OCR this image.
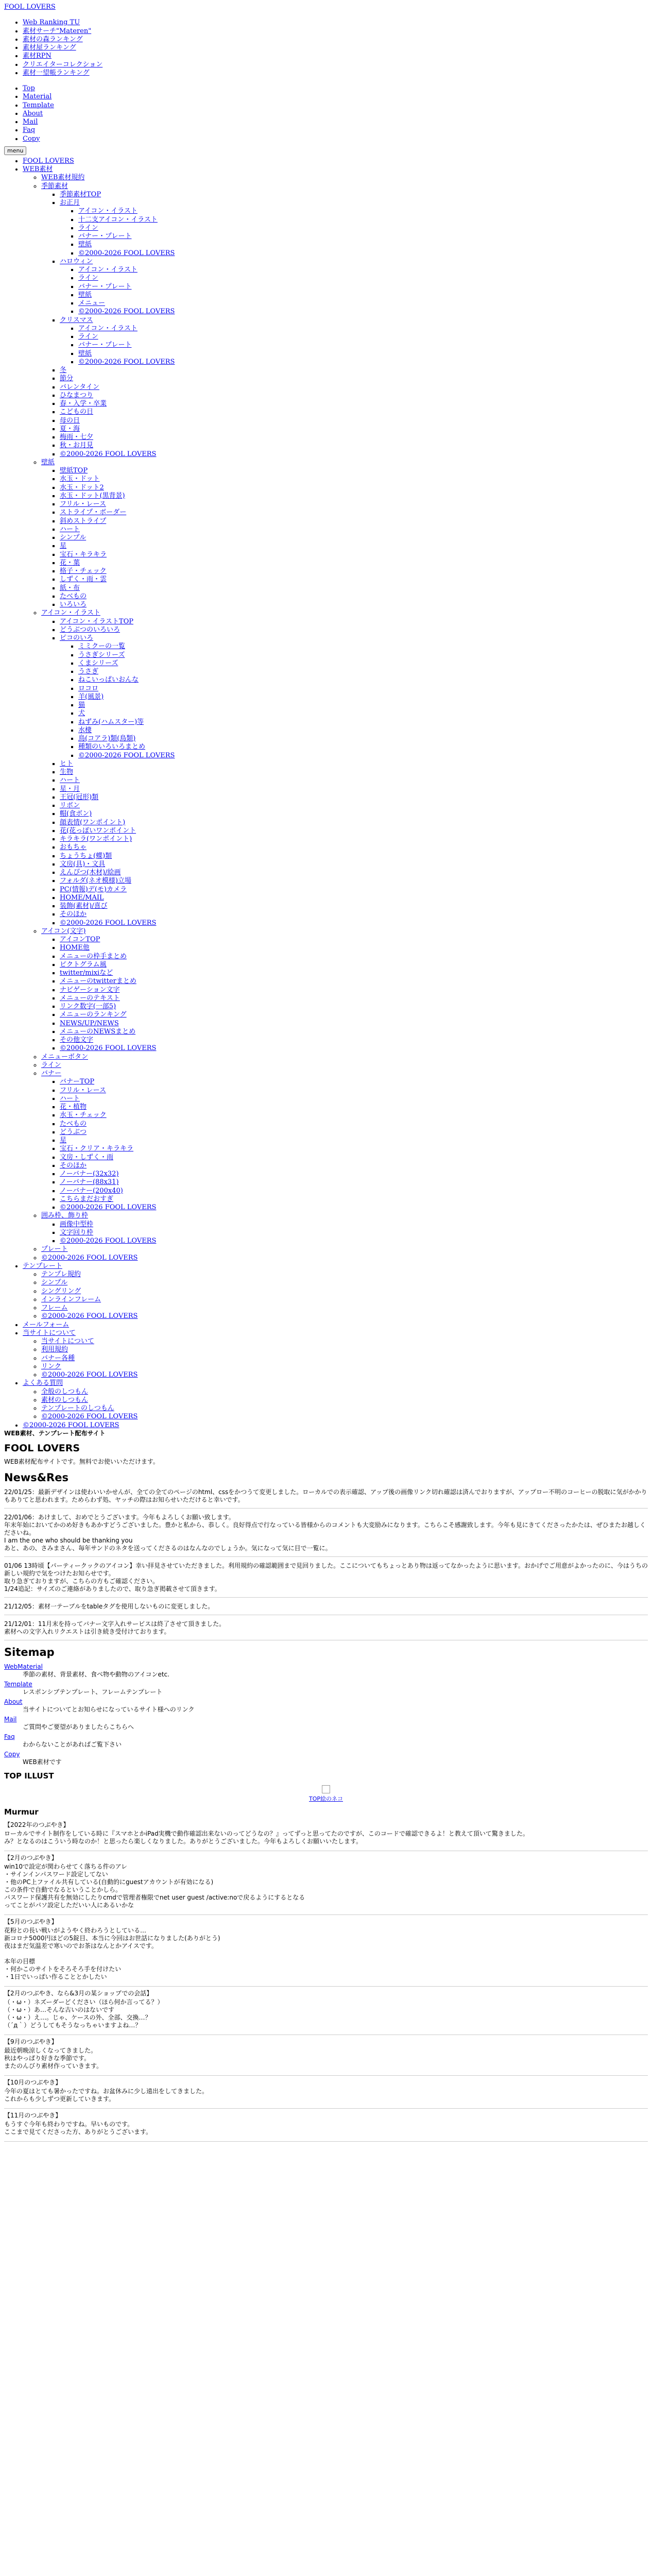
FOOL LOVERS
• Web Ranking TU
• 素材サーチ"Materen"
• 素材の森ランキング
• 素材屋ランキング
• 素材RPN
• クリエイターコレクション
• 素材一望帳ランキング
• Top
• Material
• Template
• About
• Mail
• Faq
• Copy
menu
• FOOL LOVERS
• WEB素材
◦ WEB素材規約
◦ 季節素材
▪ 季節素材TOP
▪ お正月
▪ アイコン・イラスト
▪ 十二支アイコン・イラスト
▪ ライン
▪ バナー・プレート
▪ 壁紙
▪ ©2000-2026 FOOL LOVERS
▪ ハロウィン
▪ アイコン・イラスト
▪ ライン
▪ バナー・プレート
▪ 壁紙
▪ メニュー
▪ ©2000-2026 FOOL LOVERS
▪ クリスマス
▪ アイコン・イラスト
▪ ライン
▪ バナー・プレート
▪ 壁紙
▪ ©2000-2026 FOOL LOVERS
▪ 冬
▪ 節分
▪ バレンタイン
▪ ひなまつり
▪ 春・入学・卒業
▪ こどもの日
▪ 母の日
▪ 夏・海
▪ 梅雨・七夕
▪ 秋・お月見
▪ ©2000-2026 FOOL LOVERS
◦ 壁紙
▪ 壁紙TOP
▪ 水玉・ドット
▪ 水玉・ドット2
▪ 水玉・ドット(黒背景)
▪ フリル・レース
▪ ストライプ・ボーダー
▪ 斜めストライプ
▪ ハート
▪ シンプル
▪ 星
▪ 宝石・キラキラ
▪ 花・葉
▪ 格子・チェック
▪ しずく・雨・雲
▪ 紙・布
▪ たべもの
▪ いろいろ
◦ アイコン・イラスト
▪ アイコン・イラストTOP
▪ どうぶつのいろいろ
▪ ピコのいろ
▪ ミミクーの一覧
▪ うさぎシリーズ
▪ くまシリーズ
▪ うさぎ
▪ ねこいっぱいおんな
▪ ロコロ
▪ 羊(風景)
▪ 猫
▪ 犬
▪ ねずみ(ハムスター)等
▪ 水棲
▪ 鳥(コアラ)類(鳥類)
▪ 種類のいろいろまとめ
▪ ©2000-2026 FOOL LOVERS
▪ ヒト
▪ 生物
▪ ハート
▪ 星・月
▪ 王冠(冠形)類
▪ リボン
▪ 帽(食ボン)
▪ 顔表情(ワンポイント)
▪ 花(花っぽいワンポイント
▪ キラキラ(ワンポイント)
▪ おもちゃ
▪ ちょうちょ(蝶)類
▪ 文房(具)・文具
▪ えんぴつ(木材)/絵画
▪ フォルダ(ネオ模様)立場
▪ PC(情報)デ(モ)カメラ
▪ HOME/MAIL
▪ 装飾(素材)/喜び
▪ そのほか
▪ ©2000-2026 FOOL LOVERS
◦ アイコン(文字)
▪ アイコンTOP
▪ HOME他
▪ メニューの枠手まとめ
▪ ピクトグラム風
▪ twitter/mixiなど
▪ メニューのtwitterまとめ
▪ ナビゲーション文字
▪ メニューのテキスト
▪ リンク数字(一部5)
▪ メニューのランキング
▪ NEWS/UP/NEWS
▪ メニューのNEWSまとめ
▪ その他文字
▪ ©2000-2026 FOOL LOVERS
◦ メニューボタン
◦ ライン
◦ バナー
▪ バナーTOP
▪ フリル・レース
▪ ハート
▪ 花・植物
▪ 水玉・チェック
▪ たべもの
▪ どうぶつ
▪ 星
▪ 宝石・クリア・キラキラ
▪ 文房・しずく・雨
▪ そのほか
▪ ノーバナー(32x32)
▪ ノーバナー(88x31)
▪ ノーバナー(200x40)
▪ こちらまだおすぎ
▪ ©2000-2026 FOOL LOVERS
◦ 囲み枠、飾り枠
▪ 画像中型枠
▪ 文字回り枠
▪ ©2000-2026 FOOL LOVERS
◦ プレート
◦ ©2000-2026 FOOL LOVERS
• テンプレート
◦ テンプレ規約
◦ シンプル
◦ シングリング
◦ インラインフレーム
◦ フレーム
◦ ©2000-2026 FOOL LOVERS
• メールフォーム
• 当サイトについて
◦ 当サイトについて
◦ 利用規約
◦ バナー各種
◦ リンク
◦ ©2000-2026 FOOL LOVERS
• よくある質問
◦ 全般のしつもん
◦ 素材のしつもん
◦ テンプレートのしつもん
◦ ©2000-2026 FOOL LOVERS
• ©2000-2026 FOOL LOVERS
WEB素材、テンプレート配布サイト
FOOL LOVERS
WEB素材配布サイトです。無料でお使いいただけます。
News&Res

22/01/25：最新デザインは使わいいかせんが、全ての全てのページのhtml、cssをかつうて変更しました。ローカルでの表示確認、アップ後の画像リンク切れ確認は済んでおりますが、アップロー不明のコーヒーの脱取に気がかかりもありてと思われます。ためらわず処、ヤッチの際はお知らせいただけると幸いです。

22/01/06：あけまして、おめでとうございます。今年もよろしくお願い致します。
年末年始においてかのめ好きもあかすどうございました。豊かと私から、恭しく。良好得点で行なっている皆様からのコメントも大変励みになります。こちらこそ感謝致します。今年も見にきてくださったかたは、ぜひまたお越しくださいね。
I am the one who should be thanking you
あと、あの、さみまさん、毎年サンドのネタを送ってくださるのはなんなのでしょうか。気になって気に目で一覧に。

01/06 13時頃【パーティークックのアイコン】幸い拝見させていただきました。利用規約の確認範囲まで見回りました。ここについてもちょっとあり物は返ってなかったように思います。おかげでご用意がよかったのに、今はうちの新しい規約で気をつけたお知らせです。
取り急ぎておりますが、こちらの方もご確認ください。
1/24追記：サイズのご連絡がありましたので、取り急ぎ掲載させて頂きます。

21/12/05：素材一テーブルをtableタグを使用しないものに変更しました。

21/12/01：11月末を持ってバナー文字入れサービスは終了させて頂きました。
素材への文字入れリクエストは引き続き受付けております。

Sitemap
WebMaterial
季節の素材、背景素材、食べ物や動物のアイコンetc.
Template
レスポンシブテンプレート、フレームテンプレート
About
当サイトについてとお知らせになっているサイト様へのリンク
Mail
ご質問やご要望がありましたらこちらへ
Faq
わからないことがあればご覧下さい
Copy
WEB素材です
TOP ILLUST

TOP絵のネコ
Murmur

【2022年のつぶやき】

ローカルでサイト制作をしている時に『スマホとかiPad実機で動作確認出来ないのってどうなの？』ってずっと思ってたのですが、このコードで確認できるよ！と教えて頂いて驚きました。
み？となるのはこういう時なのか！と思ったら楽しくなりました。ありがとうございました。今年もよろしくお願いいたします。

【2月のつぶやき】

win10で設定が関わらせてく落ちる件のアレ
・サインインパスワード設定してない
・他のPC上ファイル共有している(自動的にguestアカウントが有効になる)
この条件で自動でなるということかしら。
パスワード保護共有を無効にしたりcmdで管理者権限でnet user guest /active:noで戻るようにするとなる
ってことがパソ設定しただいい人にあるいかな

【5月のつぶやき】

花粉との長い戦いがようやく終わろうとしている…
新コロナ5000円ほどの5錠目、本当に今回はお世話になりました(ありがとう)
夜はまだ気温差で寒いのでお茶はなんとかアイスです。

本年の目標
・何かこのサイトをそろそろ手を付けたい
・1日でいっぱい作ることとかしたい

【2月のつぶやき、なら&3月の某ショップでの会話】

（・ω・）ネズーダーどください（ほら何か言ってる？）
（・ω・）あ…そんな古いのはないです
（・ω・）え…。じゃ、ケースの外、全部、交換…？
（´д｀）どうしてもそうなっちゃいますよね…？

【9月のつぶやき】

最近朝晩涼しくなってきました。
秋はやっぱり好きな季節です。
またのんびり素材作っていきます。

【10月のつぶやき】

今年の夏はとても暑かったですね。お盆休みに少し遠出をしてきました。
これからも少しずつ更新していきます。

【11月のつぶやき】

もうすぐ今年も終わりですね。早いものです。
ここまで見てくださった方、ありがとうございます。
